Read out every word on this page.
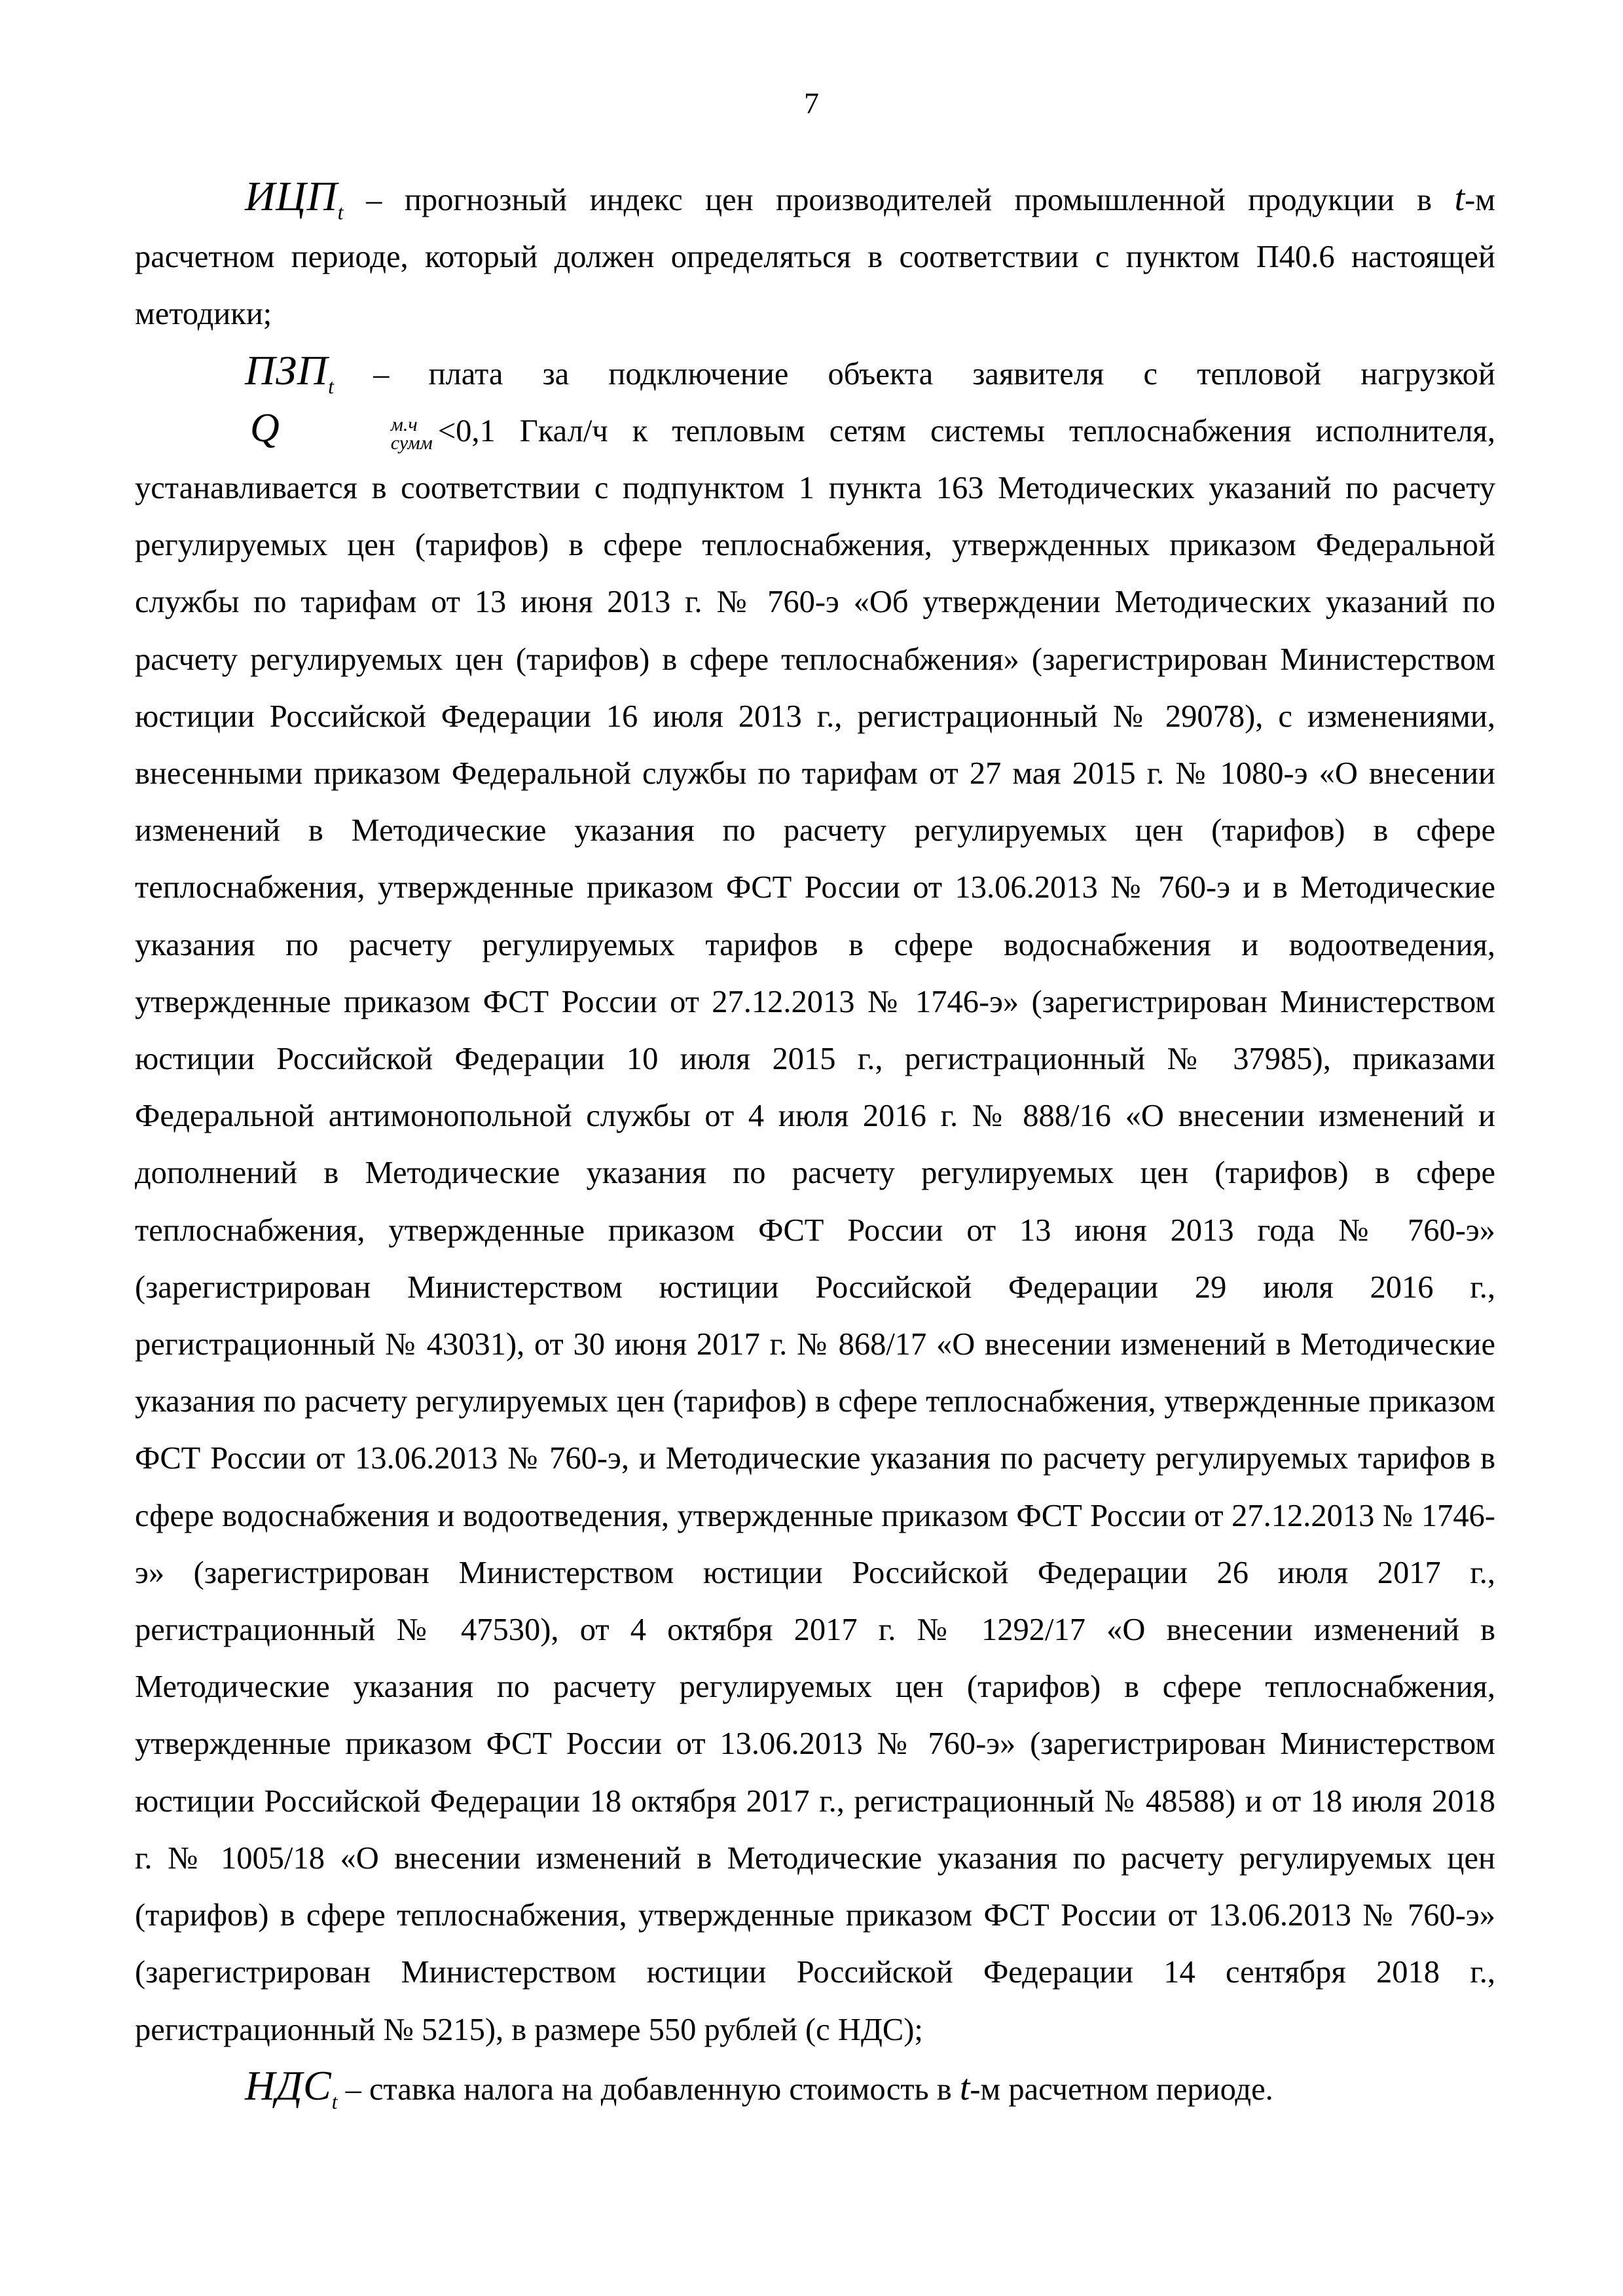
7

$ИЦП_t$ – прогнозный индекс цен производителей промышленной продукции в t-м расчетном периоде, который должен определяться в соответствии с пунктом П40.6 настоящей методики;

$ПЗП_t$ – плата за подключение объекта заявителя с тепловой нагрузкой Q	м.ч
сумм <0,1 Гкал/ч к тепловым сетям системы теплоснабжения исполнителя, устанавливается в соответствии с подпунктом 1 пункта 163 Методических указаний по расчету регулируемых цен (тарифов) в сфере теплоснабжения, утвержденных приказом Федеральной службы по тарифам от 13 июня 2013 г. № 760-э «Об утверждении Методических указаний по расчету регулируемых цен (тарифов) в сфере теплоснабжения» (зарегистрирован Министерством юстиции Российской Федерации 16 июля 2013 г., регистрационный № 29078), с изменениями, внесенными приказом Федеральной службы по тарифам от 27 мая 2015 г. № 1080-э «О внесении изменений в Методические указания по расчету регулируемых цен (тарифов) в сфере теплоснабжения, утвержденные приказом ФСТ России от 13.06.2013 № 760-э и в Методические указания по расчету регулируемых тарифов в сфере водоснабжения и водоотведения, утвержденные приказом ФСТ России от 27.12.2013 № 1746-э» (зарегистрирован Министерством юстиции Российской Федерации 10 июля 2015 г., регистрационный № 37985), приказами Федеральной антимонопольной службы от 4 июля 2016 г. № 888/16 «О внесении изменений и дополнений в Методические указания по расчету регулируемых цен (тарифов) в сфере теплоснабжения, утвержденные приказом ФСТ России от 13 июня 2013 года № 760-э» (зарегистрирован Министерством юстиции Российской Федерации 29 июля 2016 г., регистрационный № 43031), от 30 июня 2017 г. № 868/17 «О внесении изменений в Методические указания по расчету регулируемых цен (тарифов) в сфере теплоснабжения, утвержденные приказом ФСТ России от 13.06.2013 № 760-э, и Методические указания по расчету регулируемых тарифов в сфере водоснабжения и водоотведения, утвержденные приказом ФСТ России от 27.12.2013 № 1746-э» (зарегистрирован Министерством юстиции Российской Федерации 26 июля 2017 г., регистрационный № 47530), от 4 октября 2017 г. № 1292/17 «О внесении изменений в Методические указания по расчету регулируемых цен (тарифов) в сфере теплоснабжения, утвержденные приказом ФСТ России от 13.06.2013 № 760-э» (зарегистрирован Министерством юстиции Российской Федерации 18 октября 2017 г., регистрационный № 48588) и от 18 июля 2018 г. № 1005/18 «О внесении изменений в Методические указания по расчету регулируемых цен (тарифов) в сфере теплоснабжения, утвержденные приказом ФСТ России от 13.06.2013 № 760-э» (зарегистрирован Министерством юстиции Российской Федерации 14 сентября 2018 г., регистрационный № 5215), в размере 550 рублей (с НДС);

$НДС_t$ – ставка налога на добавленную стоимость в t-м расчетном периоде.
